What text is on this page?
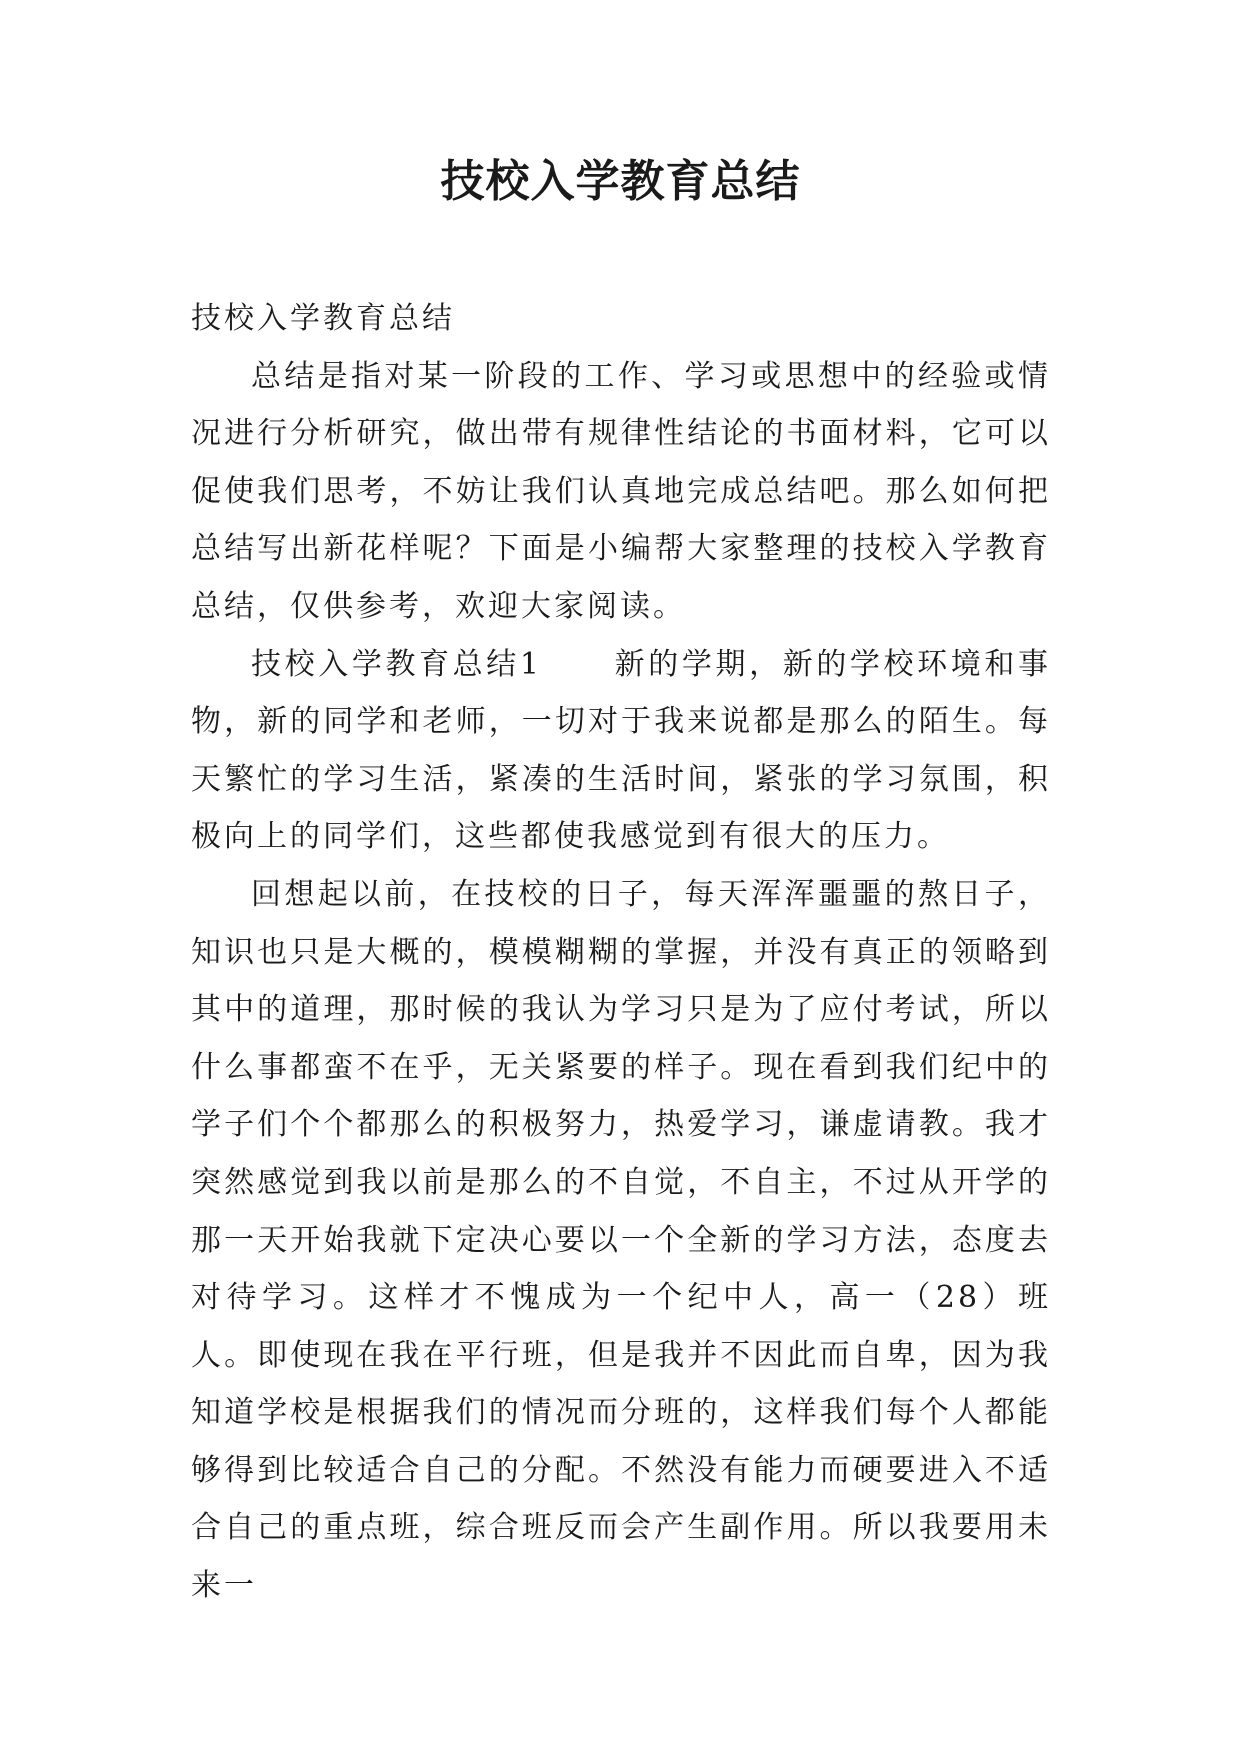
技校入学教育总结

技校入学教育总结

总结是指对某一阶段的工作、学习或思想中的经验或情况进行分析研究，做出带有规律性结论的书面材料，它可以促使我们思考，不妨让我们认真地完成总结吧。那么如何把总结写出新花样呢？下面是小编帮大家整理的技校入学教育总结，仅供参考，欢迎大家阅读。

技校入学教育总结1 新的学期，新的学校环境和事物，新的同学和老师，一切对于我来说都是那么的陌生。每天繁忙的学习生活，紧凑的生活时间，紧张的学习氛围，积极向上的同学们，这些都使我感觉到有很大的压力。

回想起以前，在技校的日子，每天浑浑噩噩的熬日子，知识也只是大概的，模模糊糊的掌握，并没有真正的领略到其中的道理，那时候的我认为学习只是为了应付考试，所以什么事都蛮不在乎，无关紧要的样子。现在看到我们纪中的学子们个个都那么的积极努力，热爱学习，谦虚请教。我才突然感觉到我以前是那么的不自觉，不自主，不过从开学的那一天开始我就下定决心要以一个全新的学习方法，态度去对待学习。这样才不愧成为一个纪中人，高一（28）班人。即使现在我在平行班，但是我并不因此而自卑，因为我知道学校是根据我们的情况而分班的，这样我们每个人都能够得到比较适合自己的分配。不然没有能力而硬要进入不适合自己的重点班，综合班反而会产生副作用。所以我要用未来一
